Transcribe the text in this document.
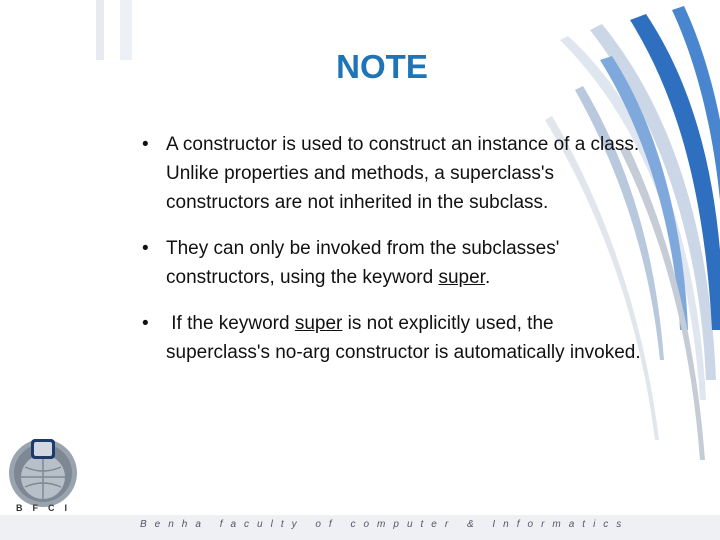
NOTE
• A constructor is used to construct an instance of a class. Unlike properties and methods, a superclass's constructors are not inherited in the subclass.
• They can only be invoked from the subclasses' constructors, using the keyword super.
• If the keyword super is not explicitly used, the superclass's no-arg constructor is automatically invoked.
BFCI
Benha faculty of computer & Informatics
